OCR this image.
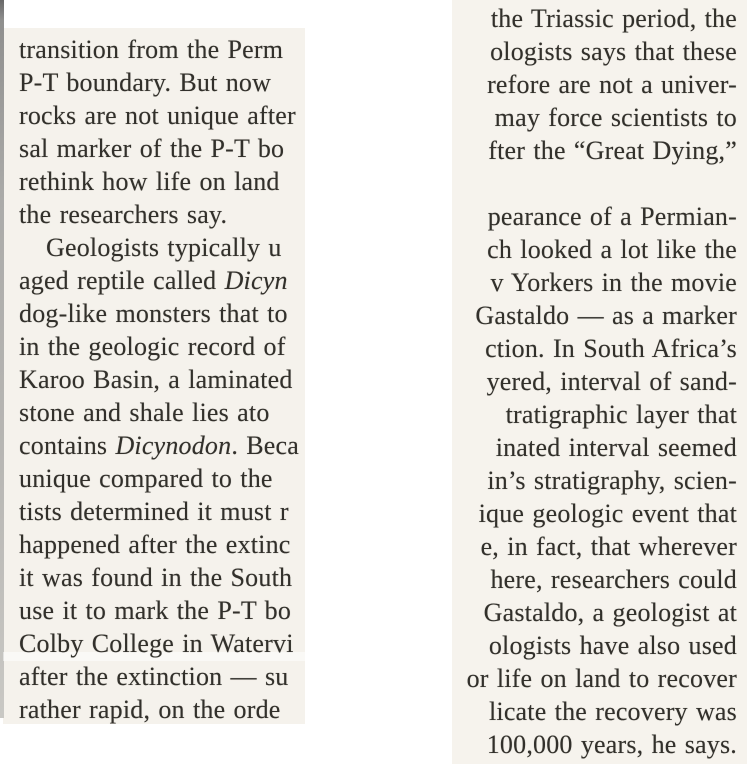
transition from the Perm
P-T boundary. But now
rocks are not unique after
sal marker of the P-T bo
rethink how life on land
the researchers say.
Geologists typically u
aged reptile called Dicyn
dog-like monsters that to
in the geologic record of
Karoo Basin, a laminated
stone and shale lies ato
contains Dicynodon. Beca
unique compared to the
tists determined it must r
happened after the extinc
it was found in the South
use it to mark the P-T bo
Colby College in Watervi
after the extinction — su
rather rapid, on the orde
the Triassic period, the
ologists says that these
refore are not a univer-
may force scientists to
fter the “Great Dying,”
pearance of a Permian-
ch looked a lot like the
v Yorkers in the movie
Gastaldo — as a marker
ction. In South Africa’s
yered, interval of sand-
tratigraphic layer that
inated interval seemed
in’s stratigraphy, scien-
ique geologic event that
e, in fact, that wherever
here, researchers could
Gastaldo, a geologist at
ologists have also used
or life on land to recover
licate the recovery was
100,000 years, he says.
